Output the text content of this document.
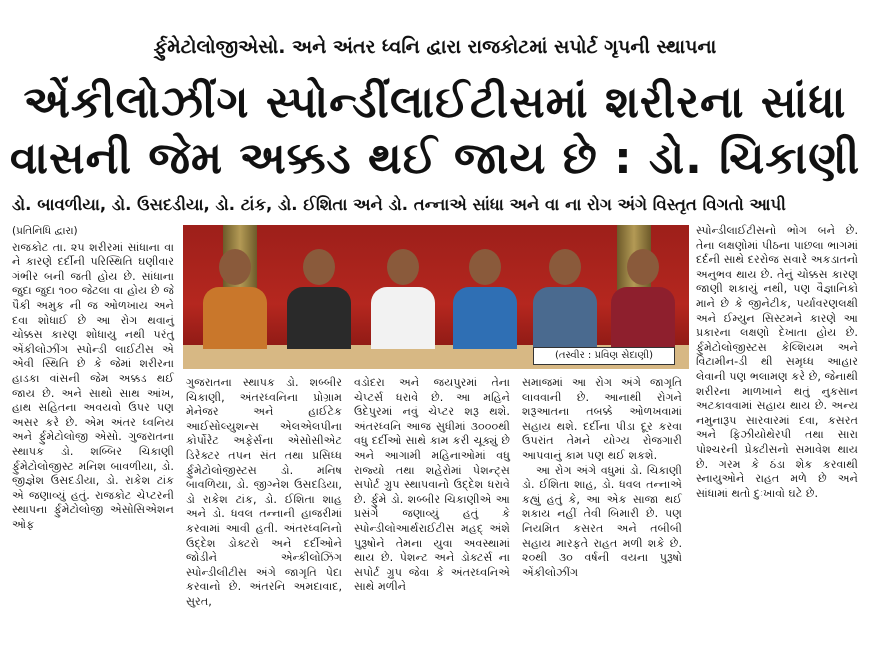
ર્ફુમેટોલોજીએસો. અને અંતર ધ્વનિ દ્વારા રાજકોટમાં સપોર્ટ ગૃપની સ્થાપના
એંકીલોઝીંગ સ્પોન્ડીંલાઈટીસમાં શરીરના સાંધા
વાસની જેમ અક્કડ થઈ જાય છે : ડો. ચિકાણી
ડો. બાવળીયા, ડો. ઉસદડીયા, ડો. ટાંક, ડો. ઈશિતા અને ડો. તન્નાએ સાંધા અને વા ના રોગ અંગે વિસ્તૃત વિગતો આપી

(પ્રતિનિધિ દ્વારા)

રાજકોટ તા. ૨૫ શરીરમાં સાંધાના વા ને કારણે દર્દીની પરિસ્થિતિ ઘણીવાર ગંભીર બની જતી હોય છે. સાંધાના જુદા જુદા ૧૦૦ જેટલા વા હોય છે જે પૈકી અમુક ની જ ઓળખાય અને દવા શોધાઈ છે આ રોગ થવાનું ચોક્કસ કારણ શોધાયુ નથી પરંતુ એંકીલોઝીંગ સ્પોન્ડી લાઈટીસ એ એવી સ્થિતિ છે કે જેમાં શરીરના હાડકા વાંસની જેમ અક્કડ થઈ જાય છે. અને સાથો સાથ આંખ, હાથ સહિતના અવયવો ઉપર પણ અસર કરે છે. એમ અંતર ધ્વનિય અને ર્ફુમેટોલોજી એસો. ગુજરાતના સ્થાપક ડો. શબ્બિર ચિકાણી ર્ફુમેટોલોજીસ્ટ મનિશ બાવળીયા, ડો. જીજ્ઞેશ ઉસદડીયા, ડો. રાકેશ ટાંક એ જણાવ્યું હતું. રાજકોટ ચેપ્ટરની સ્થાપના ર્ફુમેટોલોજી એસોસિએશન ઓફ

(તસ્વીર : પ્રવિણ સેદાણી)

ગુજરાતના સ્થાપક ડો. શબ્બીર ચિકાણી, અંતરધ્વનિના પ્રોગ્રામ મેનેજર અને હાઈટેક આઈસોલ્યુશન્સ એલએલપીના કોર્પોરેટ અફેર્સના એસોસીએટ ડિરેક્ટર તપન સંત તથા પ્રસિધ્ધ ર્ફુમેટોલોજીસ્ટસ ડો. મનિષ બાવળિયા, ડો. જીગ્નેશ ઉસદડિયા, ડો રાકેશ ટાંક, ડો. ઈશિતા શાહ અને ડો. ધવલ તન્નાની હાજરીમાં કરવામાં આવી હતી. અંતરધ્વનિનો ઉદ્દેશ ડોક્ટરો અને દર્દીઓને જોડીને એન્કીલોઝિંગ સ્પોન્ડીલીટીસ અંગે જાગૃતિ પેદા કરવાનો છે. અંતરનિ અમદાવાદ, સુરત,

વડોદરા અને જયપુરમાં તેના ચેપ્ટર્સ ધરાવે છે. આ મહિને ઉદેપુરમાં નવું ચેપ્ટર શરૂ થશે. અંતરધ્વનિ આજ સુધીમાં ૩૦૦૦થી વધુ દર્દીઓ સાથે કામ કરી ચૂક્યું છે અને આગામી મહિનાઓમાં વધુ રાજ્યો તથા શહેરોમાં પેશન્ટ્સ સપોર્ટ ગ્રુપ સ્થાપવાનો ઉદ્દેશ ધરાવે છે. ર્ફુમે ડો. શબ્બીર ચિકાણીએ આ પ્રસંગે જણાવ્યું હતું કે સ્પોન્ડીલોઆર્થરાઈટીસ મહદ્ અંશે પુરૂષોને તેમના યુવા અવસ્થામાં થાય છે. પેશન્ટ અને ડોક્ટર્સ ના સપોર્ટ ગ્રુપ જેવા કે અંતરધ્વનિએ સાથે મળીને

સમાજમાં આ રોગ અંગે જાગૃતિ લાવવાની છે. આનાથી રોગને શરૂઆતના તબક્કે ઓળખવામાં સહાય થશે. દર્દીના પીડા દૂર કરવા ઉપરાંત તેમને યોગ્ય રોજગારી આપવાનું કામ પણ થઈ શકશે.

આ રોગ અંગે વધુમાં ડો. ચિકાણી ડો. ઈશિતા શાહ, ડો. ધવલ તન્નાએ કહ્યું હતું કે, આ એક સાજા થઈ શકાય નહીં તેવી બિમારી છે. પણ નિયમિત કસરત અને તબીબી સહાય મારફતે રાહત મળી શકે છે. ૨૦થી ૩૦ વર્ષની વયના પુરૂષો એંકીલોઝીંગ

સ્પોન્ડીલાઈટીસનો ભોગ બને છે. તેના લક્ષણોમાં પીઠના પાછલા ભાગમાં દર્દની સાથે દરરોજ સવારે અકડાતનો અનુભવ થાય છે. તેનું ચોક્કસ કારણ જાણી શકાયું નથી, પણ વૈજ્ઞાનિકો માને છે કે જીનેટીક, પર્યાવરણલક્ષી અને ઈમ્યુન સિસ્ટમને કારણે આ પ્રકારના લક્ષણો દેખાતા હોય છે. ર્ફુમેટોલોજીસ્ટસ કેલ્શિયમ અને વિટામીન-ડી થી સમૃધ્ધ આહાર લેવાની પણ ભલામણ કરે છે, જેનાથી શરીરના માળખાને થતું નુકસાન અટકાવવામાં સહાય થાય છે. અન્ય નમુનારૂપ સારવારમાં દવા, કસરત અને ફિઝીયોથેરપી તથા સારા પોશ્ચરની પ્રેક્ટીસનો સમાવેશ થાય છે. ગરમ કે ઠંડા શેક કરવાથી સ્નાયુઓને રાહત મળે છે અને સાંધામાં થતો દુઃખાવો ઘટે છે.
